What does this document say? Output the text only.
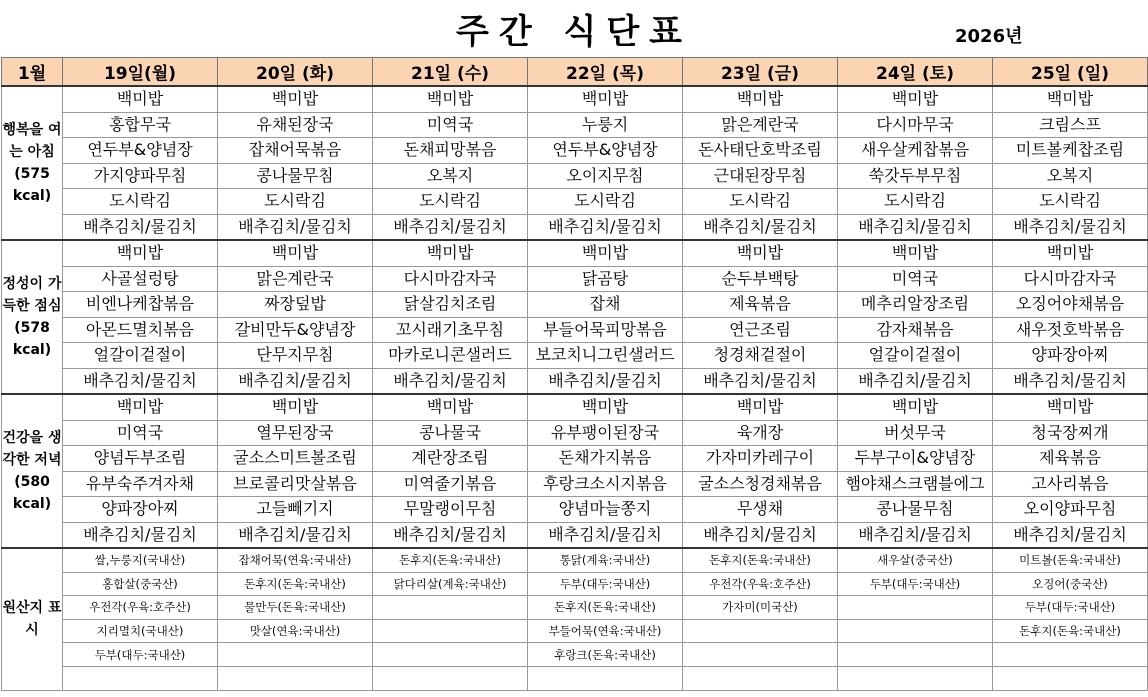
주간 식단표	2026년
1월	19일(월)	20일 (화)	21일 (수)	22일 (목)	23일 (금)	24일 (토)	25일 (일)
행복을 여는 아침 (575 kcal)	백미밥	백미밥	백미밥	백미밥	백미밥	백미밥	백미밥
	홍합무국	유채된장국	미역국	누룽지	맑은계란국	다시마무국	크림스프
	연두부&양념장	잡채어묵볶음	돈채피망볶음	연두부&양념장	돈사태단호박조림	새우살케찹볶음	미트볼케찹조림
	가지양파무침	콩나물무침	오복지	오이지무침	근대된장무침	쑥갓두부무침	오복지
	도시락김	도시락김	도시락김	도시락김	도시락김	도시락김	도시락김
	배추김치/물김치	배추김치/물김치	배추김치/물김치	배추김치/물김치	배추김치/물김치	배추김치/물김치	배추김치/물김치
정성이 가득한 점심 (578 kcal)	백미밥	백미밥	백미밥	백미밥	백미밥	백미밥	백미밥
	사골설렁탕	맑은계란국	다시마감자국	닭곰탕	순두부백탕	미역국	다시마감자국
	비엔나케찹볶음	짜장덮밥	닭살김치조림	잡채	제육볶음	메추리알장조림	오징어야채볶음
	아몬드멸치볶음	갈비만두&양념장	꼬시래기초무침	부들어묵피망볶음	연근조림	감자채볶음	새우젓호박볶음
	얼갈이겉절이	단무지무침	마카로니콘샐러드	보코치니그린샐러드	청경채겉절이	얼갈이겉절이	양파장아찌
	배추김치/물김치	배추김치/물김치	배추김치/물김치	배추김치/물김치	배추김치/물김치	배추김치/물김치	배추김치/물김치
건강을 생각한 저녁 (580 kcal)	백미밥	백미밥	백미밥	백미밥	백미밥	백미밥	백미밥
	미역국	열무된장국	콩나물국	유부팽이된장국	육개장	버섯무국	청국장찌개
	양념두부조림	굴소스미트볼조림	계란장조림	돈채가지볶음	가자미카레구이	두부구이&양념장	제육볶음
	유부숙주겨자채	브로콜리맛살볶음	미역줄기볶음	후랑크소시지볶음	굴소스청경채볶음	햄야채스크램블에그	고사리볶음
	양파장아찌	고들빼기지	무말랭이무침	양념마늘쫑지	무생채	콩나물무침	오이양파무침
	배추김치/물김치	배추김치/물김치	배추김치/물김치	배추김치/물김치	배추김치/물김치	배추김치/물김치	배추김치/물김치
원산지 표시	쌀,누룽지(국내산)	잡채어묵(연육:국내산)	돈후지(돈육:국내산)	통닭(계육:국내산)	돈후지(돈육:국내산)	새우살(중국산)	미트볼(돈육:국내산)
	홍합살(중국산)	돈후지(돈육:국내산)	닭다리살(계육:국내산)	두부(대두:국내산)	우전각(우육:호주산)	두부(대두:국내산)	오징어(중국산)
	우전각(우육:호주산)	물만두(돈육:국내산)		돈후지(돈육:국내산)	가자미(미국산)		두부(대두:국내산)
	지리멸치(국내산)	맛살(연육:국내산)		부들어묵(연육:국내산)			돈후지(돈육:국내산)
	두부(대두:국내산)			후랑크(돈육:국내산)			
